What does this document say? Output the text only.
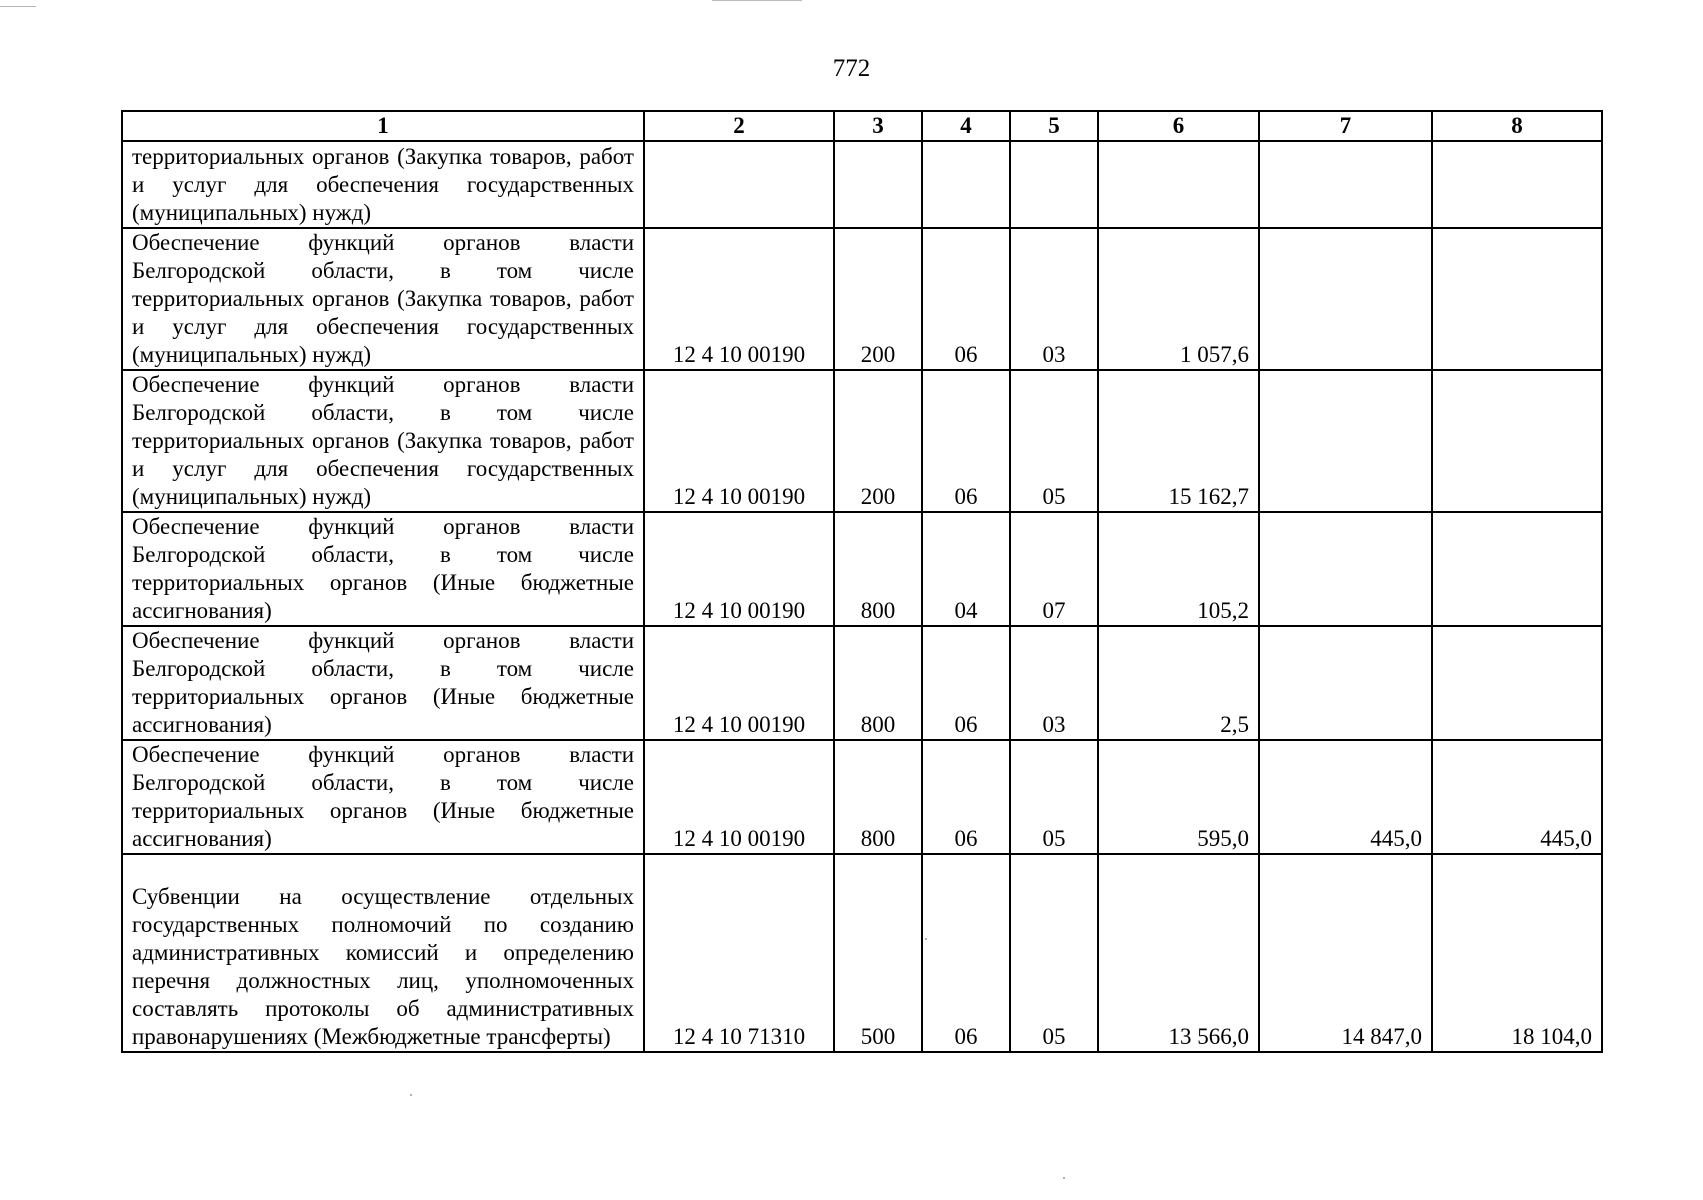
772
1	2	3	4	5	6	7	8
территориальных органов (Закупка товаров, работ и услуг для обеспечения государственных (муниципальных) нужд)							
Обеспечение функций органов власти Белгородской области, в том числе территориальных органов (Закупка товаров, работ и услуг для обеспечения государственных (муниципальных) нужд)	12 4 10 00190	200	06	03	1 057,6		
Обеспечение функций органов власти Белгородской области, в том числе территориальных органов (Закупка товаров, работ и услуг для обеспечения государственных (муниципальных) нужд)	12 4 10 00190	200	06	05	15 162,7		
Обеспечение функций органов власти Белгородской области, в том числе территориальных органов (Иные бюджетные ассигнования)	12 4 10 00190	800	04	07	105,2		
Обеспечение функций органов власти Белгородской области, в том числе территориальных органов (Иные бюджетные ассигнования)	12 4 10 00190	800	06	03	2,5		
Обеспечение функций органов власти Белгородской области, в том числе территориальных органов (Иные бюджетные ассигнования)	12 4 10 00190	800	06	05	595,0	445,0	445,0
Субвенции на осуществление отдельных государственных полномочий по созданию административных комиссий и определению перечня должностных лиц, уполномоченных составлять протоколы об административных правонарушениях (Межбюджетные трансферты)	12 4 10 71310	500	06	05	13 566,0	14 847,0	18 104,0
